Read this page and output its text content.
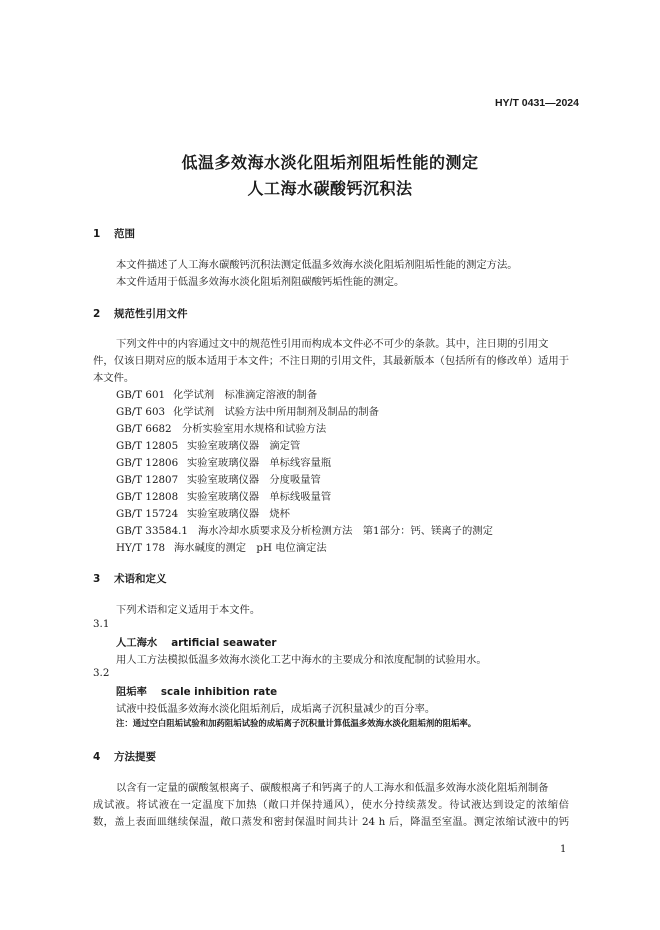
HY/T 0431—2024
低温多效海水淡化阻垢剂阻垢性能的测定
人工海水碳酸钙沉积法
1 范围
本文件描述了人工海水碳酸钙沉积法测定低温多效海水淡化阻垢剂阻垢性能的测定方法。
本文件适用于低温多效海水淡化阻垢剂阻碳酸钙垢性能的测定。
2 规范性引用文件
下列文件中的内容通过文中的规范性引用而构成本文件必不可少的条款。其中，注日期的引用文
件，仅该日期对应的版本适用于本文件；不注日期的引用文件，其最新版本（包括所有的修改单）适用于
本文件。
GB/T 601 化学试剂　标准滴定溶液的制备
GB/T 603 化学试剂　试验方法中所用制剂及制品的制备
GB/T 6682 分析实验室用水规格和试验方法
GB/T 12805 实验室玻璃仪器　滴定管
GB/T 12806 实验室玻璃仪器　单标线容量瓶
GB/T 12807 实验室玻璃仪器　分度吸量管
GB/T 12808 实验室玻璃仪器　单标线吸量管
GB/T 15724 实验室玻璃仪器　烧杯
GB/T 33584.1 海水冷却水质要求及分析检测方法　第1部分：钙、镁离子的测定
HY/T 178 海水碱度的测定　pH 电位滴定法
3 术语和定义
下列术语和定义适用于本文件。
3.1
人工海水 artificial seawater
用人工方法模拟低温多效海水淡化工艺中海水的主要成分和浓度配制的试验用水。
3.2
阻垢率 scale inhibition rate
试液中投低温多效海水淡化阻垢剂后，成垢离子沉积量减少的百分率。
注：通过空白阻垢试验和加药阻垢试验的成垢离子沉积量计算低温多效海水淡化阻垢剂的阻垢率。
4 方法提要
以含有一定量的碳酸氢根离子、碳酸根离子和钙离子的人工海水和低温多效海水淡化阻垢剂制备
成试液。将试液在一定温度下加热（敞口并保持通风），使水分持续蒸发。待试液达到设定的浓缩倍
数，盖上表面皿继续保温，敞口蒸发和密封保温时间共计 24 h 后，降温至室温。测定浓缩试液中的钙
1
